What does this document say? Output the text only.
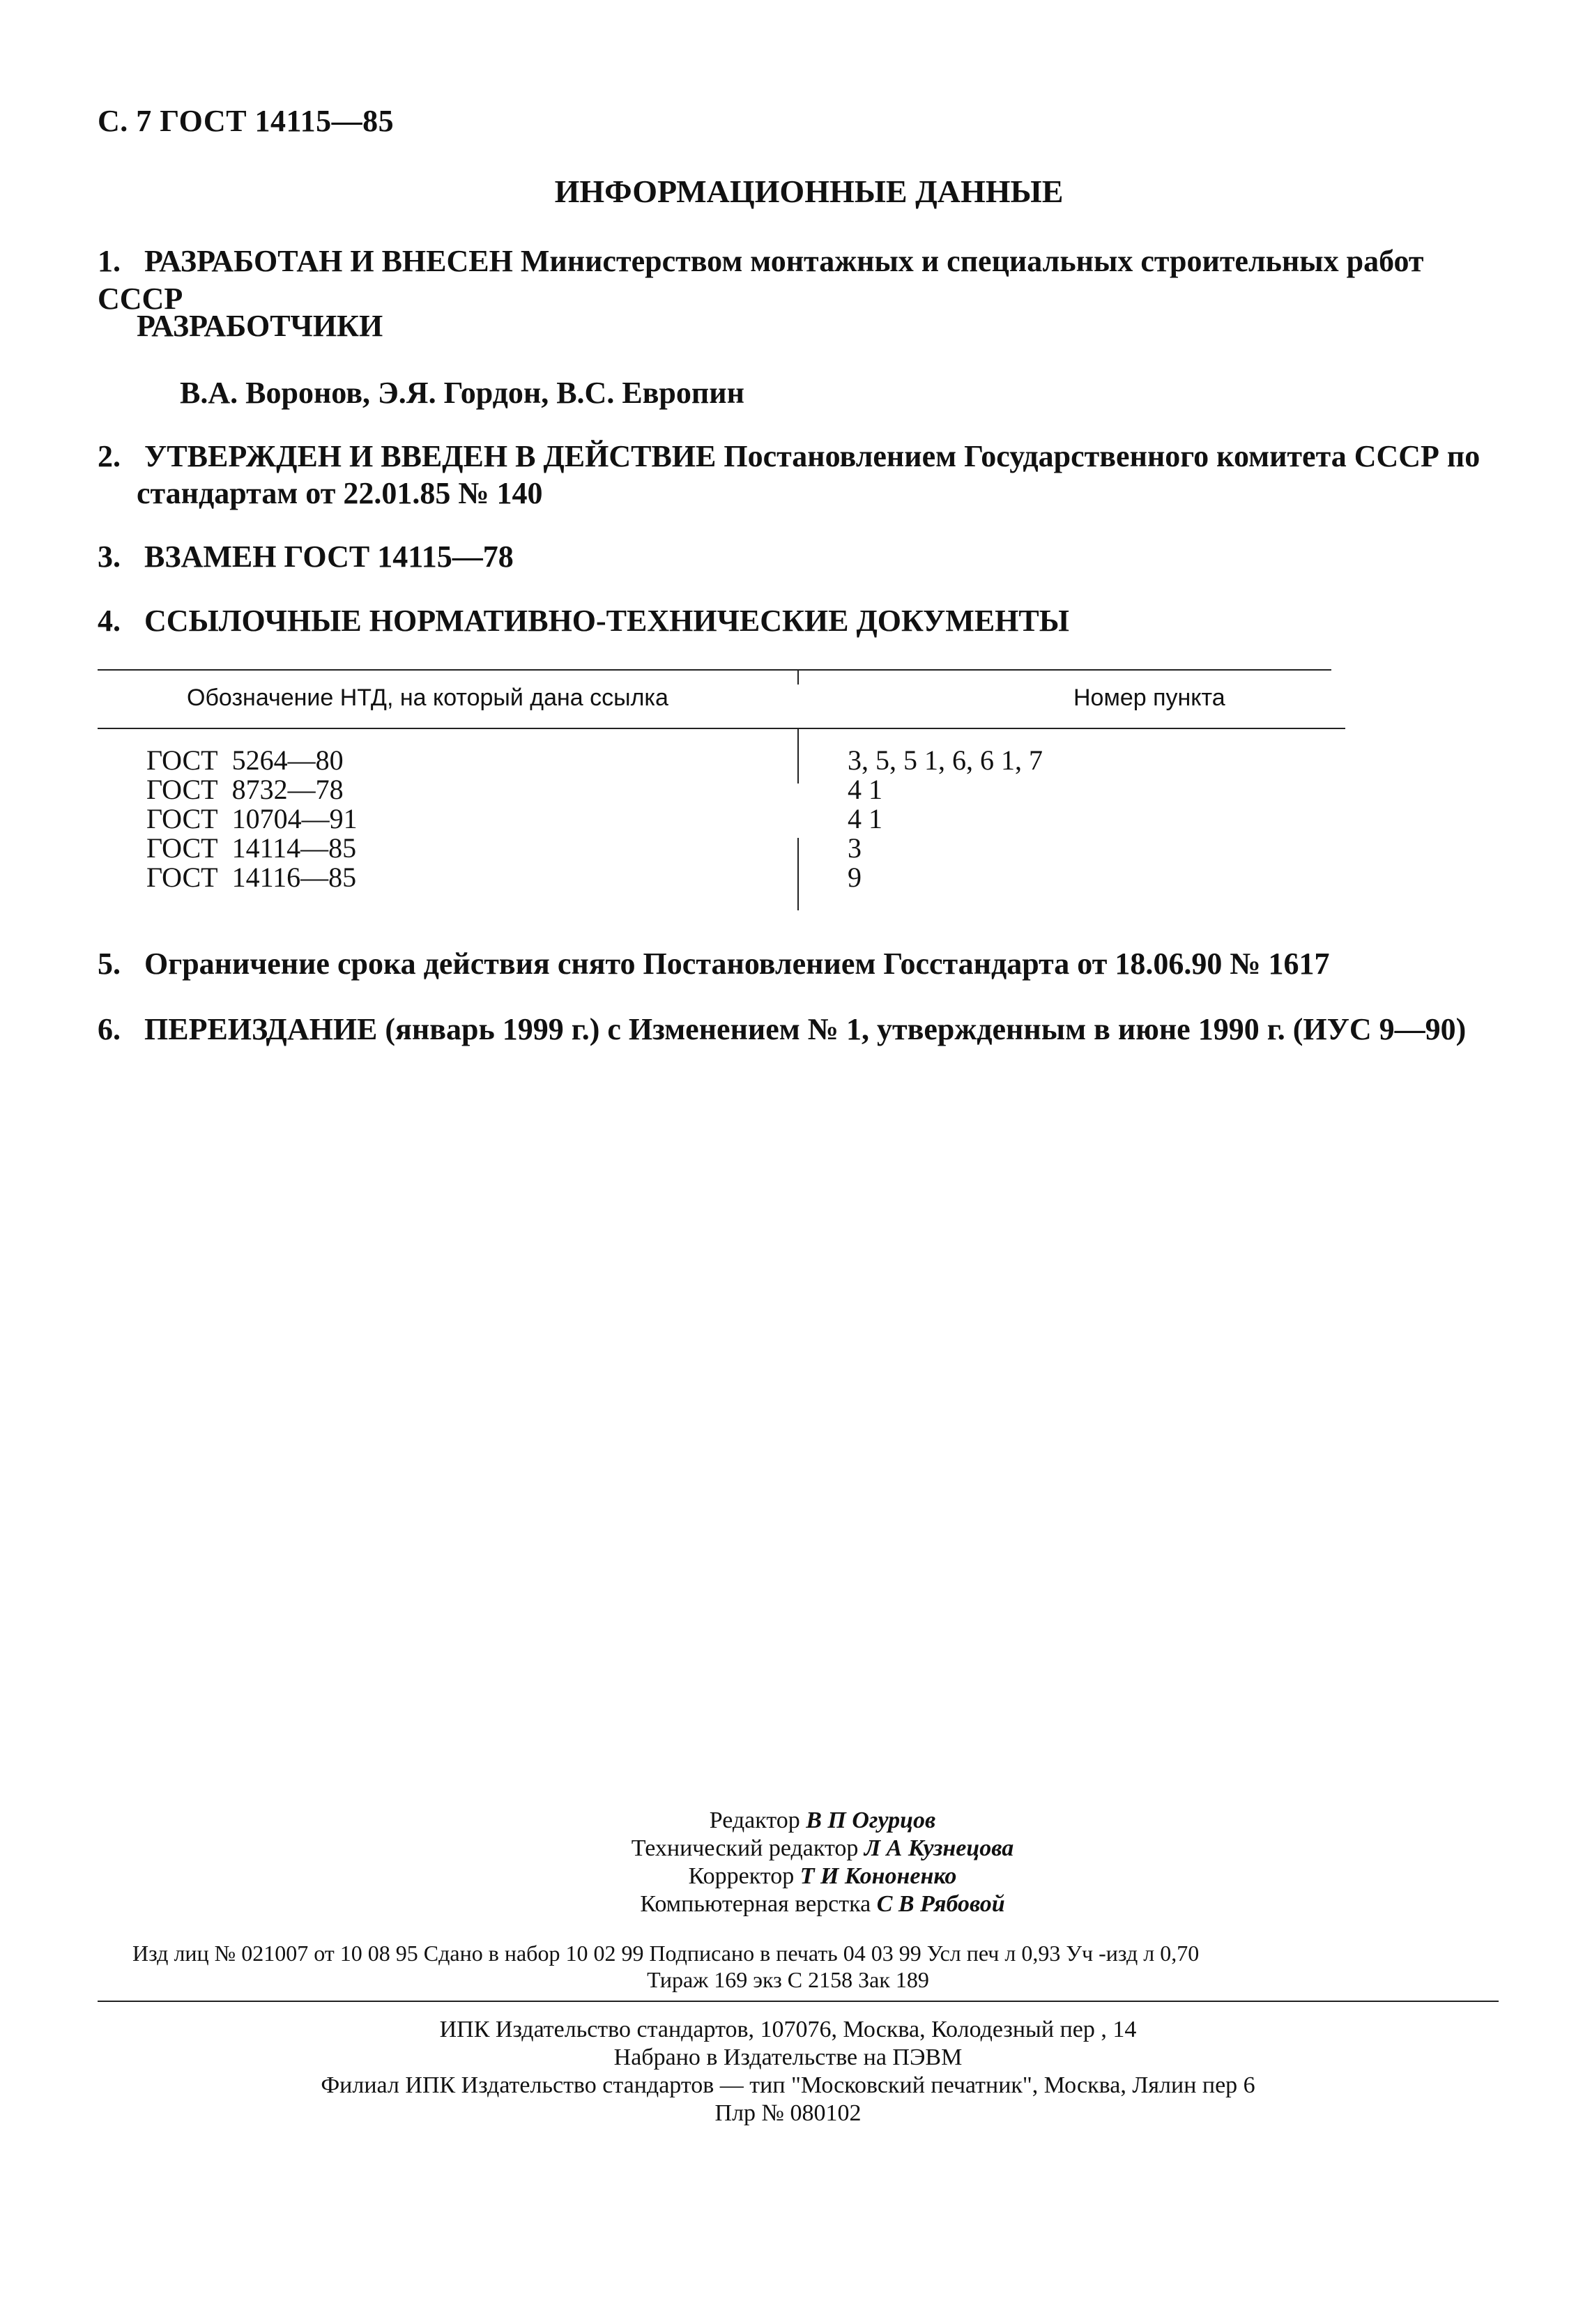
С. 7 ГОСТ 14115—85
ИНФОРМАЦИОННЫЕ ДАННЫЕ
1. РАЗРАБОТАН И ВНЕСЕН Министерством монтажных и специальных строительных работ СССР
РАЗРАБОТЧИКИ
В.А. Воронов, Э.Я. Гордон, В.С. Европин
2. УТВЕРЖДЕН И ВВЕДЕН В ДЕЙСТВИЕ Постановлением Государственного комитета СССР по
стандартам от 22.01.85 № 140
3. ВЗАМЕН ГОСТ 14115—78
4. ССЫЛОЧНЫЕ НОРМАТИВНО-ТЕХНИЧЕСКИЕ ДОКУМЕНТЫ
Обозначение НТД, на который дана ссылка	Номер пункта
ГОСТ  5264—80
ГОСТ  8732—78
ГОСТ  10704—91
ГОСТ  14114—85
ГОСТ  14116—85
3, 5, 5 1, 6, 6 1, 7
4 1
4 1
3
9
5. Ограничение срока действия снято Постановлением Госстандарта от 18.06.90 № 1617
6. ПЕРЕИЗДАНИЕ (январь 1999 г.) с Изменением № 1, утвержденным в июне 1990 г. (ИУС 9—90)
Редактор В П Огурцов
Технический редактор Л А Кузнецова
Корректор Т И Кононенко
Компьютерная верстка С В Рябовой
Изд лиц № 021007 от 10 08 95 Сдано в набор 10 02 99 Подписано в печать 04 03 99 Усл печ л 0,93 Уч -изд л 0,70
Тираж 169 экз С 2158 Зак 189
ИПК Издательство стандартов, 107076, Москва, Колодезный пер , 14
Набрано в Издательстве на ПЭВМ
Филиал ИПК Издательство стандартов — тип "Московский печатник", Москва, Лялин пер 6
Плр № 080102
